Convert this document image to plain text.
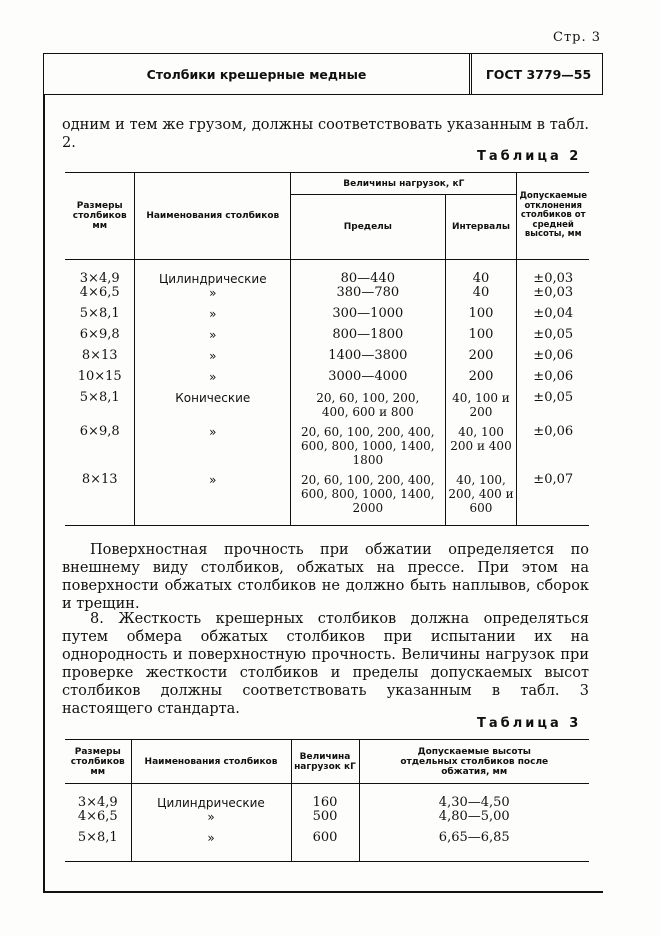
Стр. 3
Столбики крешерные медные	ГОСТ 3779—55
одним и тем же грузом, должны соответствовать указанным в табл. 2.
Таблица 2
Размеры столбиков мм	Наименования столбиков	Величины нагрузок, кГ		Допускаемые отклонения столбиков от средней высоты, мм
		Пределы	Интервалы	
3×4,9	Цилиндрические	80—440	40	±0,03
4×6,5	»	380—780	40	±0,03
5×8,1	»	300—1000	100	±0,04
6×9,8	»	800—1800	100	±0,05
8×13	»	1400—3800	200	±0,06
10×15	»	3000—4000	200	±0,06
5×8,1	Конические	20, 60, 100, 200, 400, 600 и 800	40, 100 и 200	±0,05
6×9,8	»	20, 60, 100, 200, 400, 600, 800, 1000, 1400, 1800	40, 100 200 и 400	±0,06
8×13	»	20, 60, 100, 200, 400, 600, 800, 1000, 1400, 2000	40, 100, 200, 400 и 600	±0,07
Поверхностная прочность при обжатии определяется по внешнему виду столбиков, обжатых на прессе. При этом на поверхности обжатых столбиков не должно быть наплывов, сборок и трещин.
8. Жесткость крешерных столбиков должна определяться путем обмера обжатых столбиков при испытании их на однородность и поверхностную прочность. Величины нагрузок при проверке жесткости столбиков и пределы допускаемых высот столбиков должны соответствовать указанным в табл. 3 настоящего стандарта.
Таблица 3
Размеры столбиков мм	Наименования столбиков	Величина нагрузок кГ	Допускаемые высоты отдельных столбиков после обжатия, мм
3×4,9	Цилиндрические	160	4,30—4,50
4×6,5	»	500	4,80—5,00
5×8,1	»	600	6,65—6,85
